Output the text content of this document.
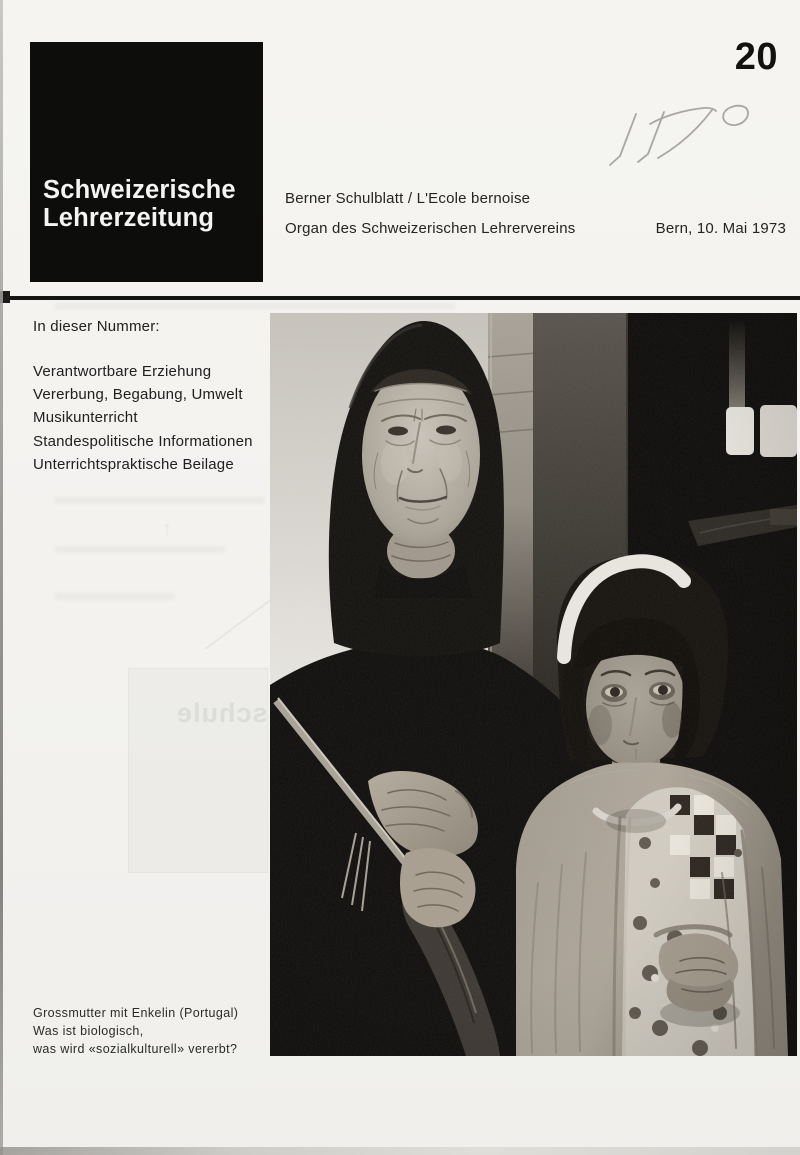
↑
schule
Schweizerische
Lehrerzeitung
20
Berner Schulblatt / L'Ecole bernoise
Organ des Schweizerischen Lehrervereins	Bern, 10. Mai 1973
In dieser Nummer:
Verantwortbare Erziehung
Vererbung, Begabung, Umwelt
Musikunterricht
Standespolitische Informationen
Unterrichtspraktische Beilage
Grossmutter mit Enkelin (Portugal)
Was ist biologisch,
was wird «sozialkulturell» vererbt?
